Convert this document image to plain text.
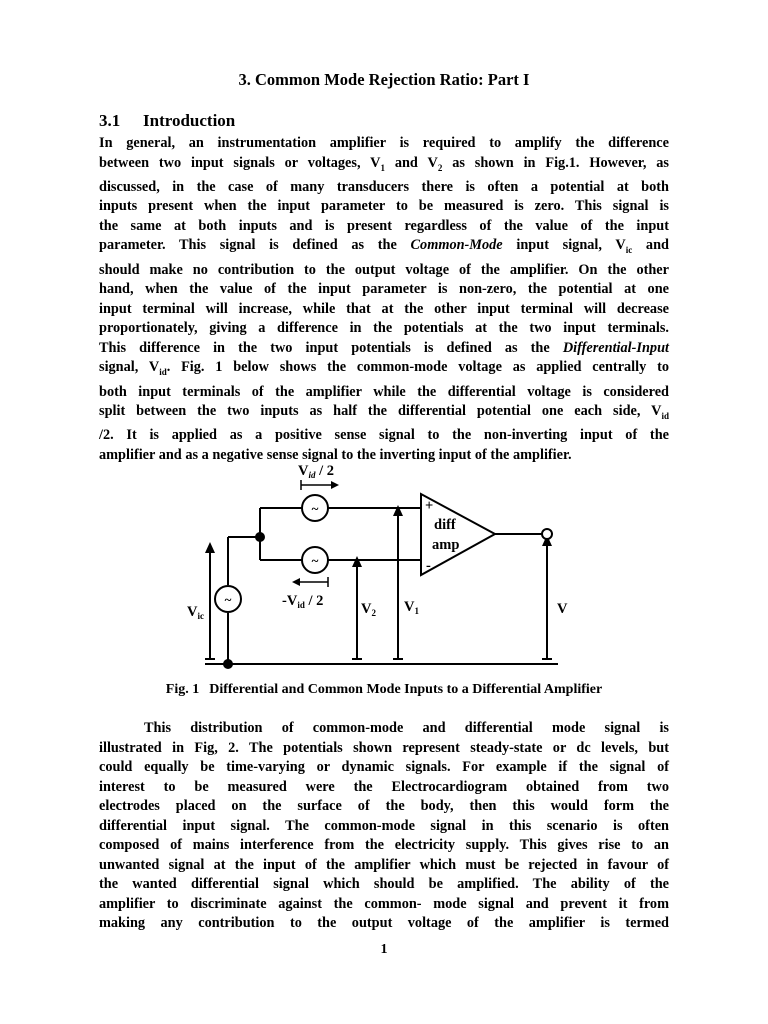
3. Common Mode Rejection Ratio: Part I
3.1 Introduction
In general, an instrumentation amplifier is required to amplify the difference
between two input signals or voltages, $V_1$ and $V_2$ as shown in Fig.1. However, as
discussed, in the case of many transducers there is often a potential at both
inputs present when the input parameter to be measured is zero. This signal is
the same at both inputs and is present regardless of the value of the input
parameter. This signal is defined as the Common-Mode input signal, $V_{ic}$ and
should make no contribution to the output voltage of the amplifier. On the other
hand, when the value of the input parameter is non-zero, the potential at one
input terminal will increase, while that at the other input terminal will decrease
proportionately, giving a difference in the potentials at the two input terminals.
This difference in the two input potentials is defined as the Differential-Input
signal, $V_{id}$. Fig. 1 below shows the common-mode voltage as applied centrally to
both input terminals of the amplifier while the differential voltage is considered
split between the two inputs as half the differential potential one each side, $V_{id}$
/2. It is applied as a positive sense signal to the non-inverting input of the
amplifier and as a negative sense signal to the inverting input of the amplifier.
~
~
~
$V_{id} / 2$
$-V_{id} / 2$
$V_{ic}$	$V_2$ $V_1$	V
diff
amp
+
-
Fig. 1 Differential and Common Mode Inputs to a Differential Amplifier
This distribution of common-mode and differential mode signal is
illustrated in Fig, 2. The potentials shown represent steady-state or dc levels, but
could equally be time-varying or dynamic signals. For example if the signal of
interest to be measured were the Electrocardiogram obtained from two
electrodes placed on the surface of the body, then this would form the
differential input signal. The common-mode signal in this scenario is often
composed of mains interference from the electricity supply. This gives rise to an
unwanted signal at the input of the amplifier which must be rejected in favour of
the wanted differential signal which should be amplified. The ability of the
amplifier to discriminate against the common- mode signal and prevent it from
making any contribution to the output voltage of the amplifier is termed
1
